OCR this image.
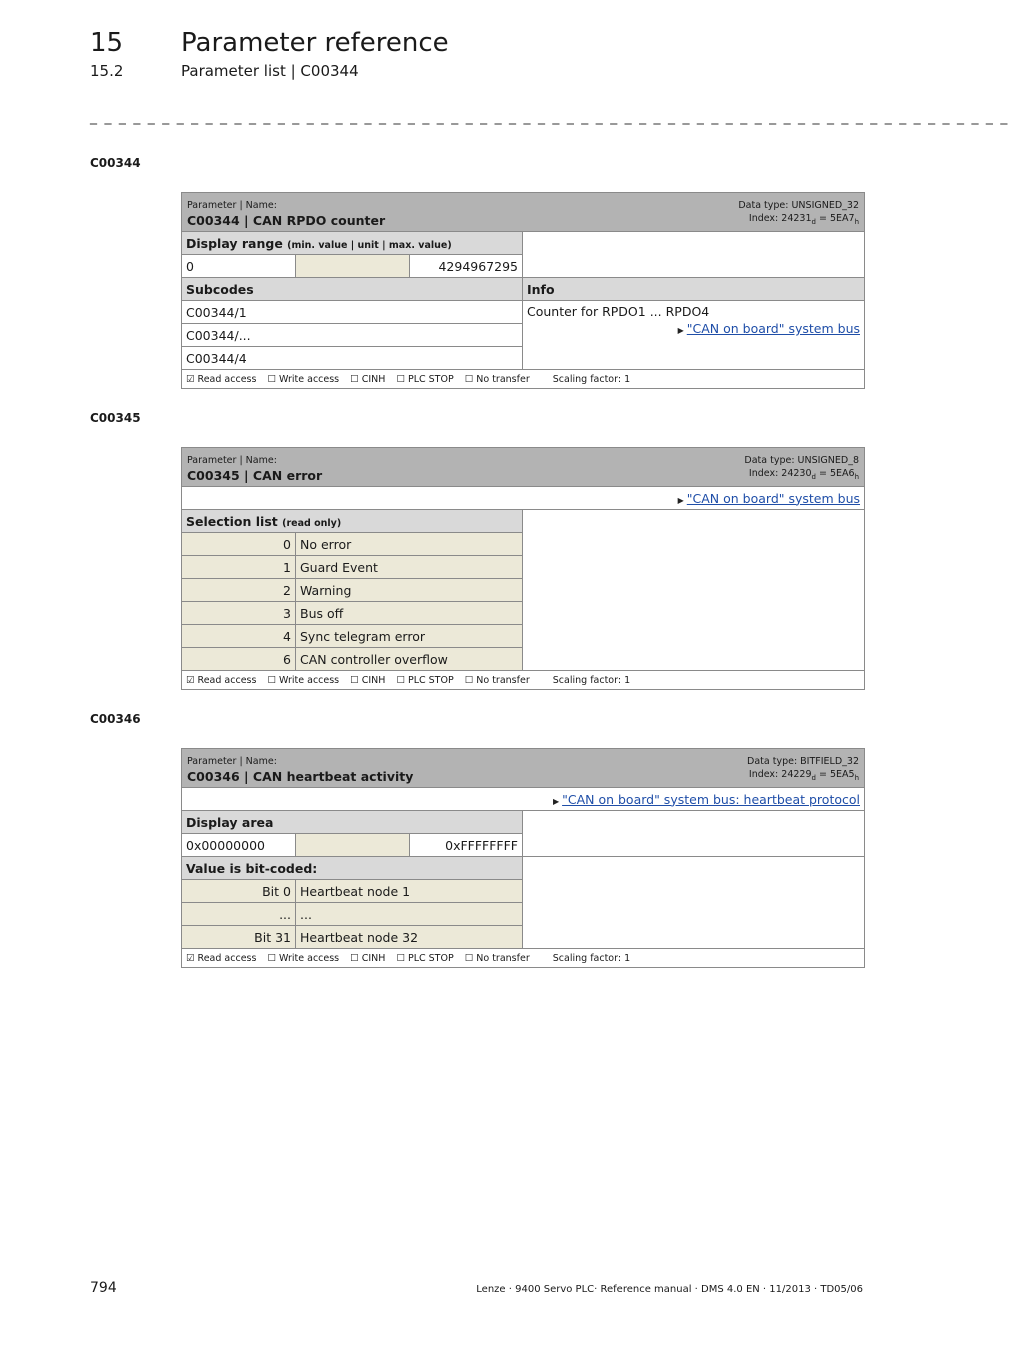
15 Parameter reference
15.2	Parameter list | C00344
_ _ _ _ _ _ _ _ _ _ _ _ _ _ _ _ _ _ _ _ _ _ _ _ _ _ _ _ _ _ _ _ _ _ _ _ _ _ _ _ _ _ _ _ _ _ _ _ _ _ _ _ _ _ _ _ _ _ _ _ _ _ _ _
C00344
Parameter | Name:
C00344 | CAN RPDO counter
Data type: UNSIGNED_32
Index: $24231_d = 5EA7_h$

Display range (min. value | unit | max. value)			
0		4294967295	
Subcodes			Info
C00344/1			Counter for RPDO1 ... RPDO4
▶ "CAN on board" system bus

C00344/...			
C00344/4			
☑ Read access ☐ Write access ☐ CINH ☐ PLC STOP ☐ No transfer Scaling factor: 1			
C00345
Parameter | Name:
C00345 | CAN error
Data type: UNSIGNED_8
Index: $24230_d = 5EA6_h$

▶ "CAN on board" system bus		
Selection list (read only)		
0	No error	
1	Guard Event	
2	Warning	
3	Bus off	
4	Sync telegram error	
6	CAN controller overflow	
☑ Read access ☐ Write access ☐ CINH ☐ PLC STOP ☐ No transfer Scaling factor: 1		
C00346
Parameter | Name:
C00346 | CAN heartbeat activity
Data type: BITFIELD_32
Index: $24229_d = 5EA5_h$

▶ "CAN on board" system bus: heartbeat protocol			
Display area			
0x00000000		0xFFFFFFFF	
Value is bit-coded:			
Bit 0	Heartbeat node 1		
...	...		
Bit 31	Heartbeat node 32		
☑ Read access ☐ Write access ☐ CINH ☐ PLC STOP ☐ No transfer Scaling factor: 1			
794	Lenze · 9400 Servo PLC· Reference manual · DMS 4.0 EN · 11/2013 · TD05/06
